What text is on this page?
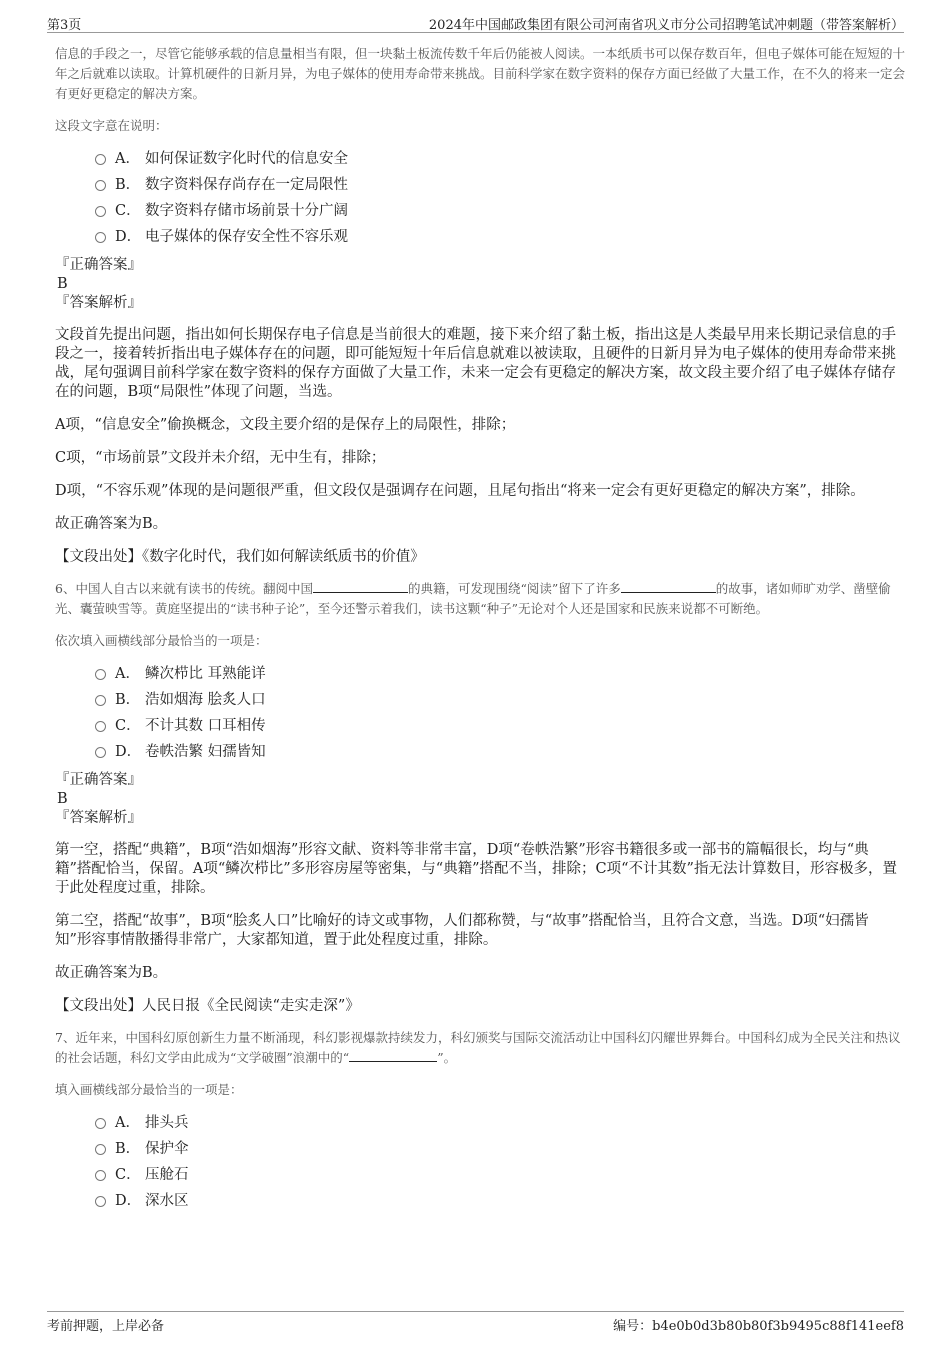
第3页	2024年中国邮政集团有限公司河南省巩义市分公司招聘笔试冲刺题（带答案解析）

信息的手段之一，尽管它能够承载的信息量相当有限，但一块黏土板流传数千年后仍能被人阅读。一本纸质书可以保存数百年，但电子媒体可能在短短的十年之后就难以读取。计算机硬件的日新月异，为电子媒体的使用寿命带来挑战。目前科学家在数字资料的保存方面已经做了大量工作，在不久的将来一定会有更好更稳定的解决方案。

这段文字意在说明：
A． 如何保证数字化时代的信息安全
B． 数字资料保存尚存在一定局限性
C． 数字资料存储市场前景十分广阔
D． 电子媒体的保存安全性不容乐观
『正确答案』
B
『答案解析』

文段首先提出问题，指出如何长期保存电子信息是当前很大的难题，接下来介绍了黏土板，指出这是人类最早用来长期记录信息的手段之一，接着转折指出电子媒体存在的问题，即可能短短十年后信息就难以被读取，且硬件的日新月异为电子媒体的使用寿命带来挑战，尾句强调目前科学家在数字资料的保存方面做了大量工作，未来一定会有更稳定的解决方案，故文段主要介绍了电子媒体存储存在的问题，B项“局限性”体现了问题，当选。

A项，“信息安全”偷换概念，文段主要介绍的是保存上的局限性，排除；

C项，“市场前景”文段并未介绍，无中生有，排除；

D项，“不容乐观”体现的是问题很严重，但文段仅是强调存在问题，且尾句指出“将来一定会有更好更稳定的解决方案”，排除。

故正确答案为B。

【文段出处】《数字化时代，我们如何解读纸质书的价值》

6、中国人自古以来就有读书的传统。翻阅中国	的典籍，可发现围绕“阅读”留下了许多	的故事，诸如师旷劝学、凿壁偷光、囊萤映雪等。黄庭坚提出的“读书种子论”，至今还警示着我们，读书这颗“种子”无论对个人还是国家和民族来说都不可断绝。
依次填入画横线部分最恰当的一项是：
A． 鳞次栉比 耳熟能详
B． 浩如烟海 脍炙人口
C． 不计其数 口耳相传
D． 卷帙浩繁 妇孺皆知
『正确答案』
B
『答案解析』

第一空，搭配“典籍”，B项“浩如烟海”形容文献、资料等非常丰富，D项“卷帙浩繁”形容书籍很多或一部书的篇幅很长，均与“典籍”搭配恰当，保留。A项“鳞次栉比”多形容房屋等密集，与“典籍”搭配不当，排除；C项“不计其数”指无法计算数目，形容极多，置于此处程度过重，排除。

第二空，搭配“故事”，B项“脍炙人口”比喻好的诗文或事物，人们都称赞，与“故事”搭配恰当，且符合文意，当选。D项“妇孺皆知”形容事情散播得非常广，大家都知道，置于此处程度过重，排除。

故正确答案为B。

【文段出处】人民日报《全民阅读“走实走深”》

7、近年来，中国科幻原创新生力量不断涌现，科幻影视爆款持续发力，科幻颁奖与国际交流活动让中国科幻闪耀世界舞台。中国科幻成为全民关注和热议的社会话题，科幻文学由此成为“文学破圈”浪潮中的“	”。
填入画横线部分最恰当的一项是：
A． 排头兵
B． 保护伞
C． 压舱石
D． 深水区
考前押题，上岸必备	编号：b4e0b0d3b80b80f3b9495c88f141eef8
